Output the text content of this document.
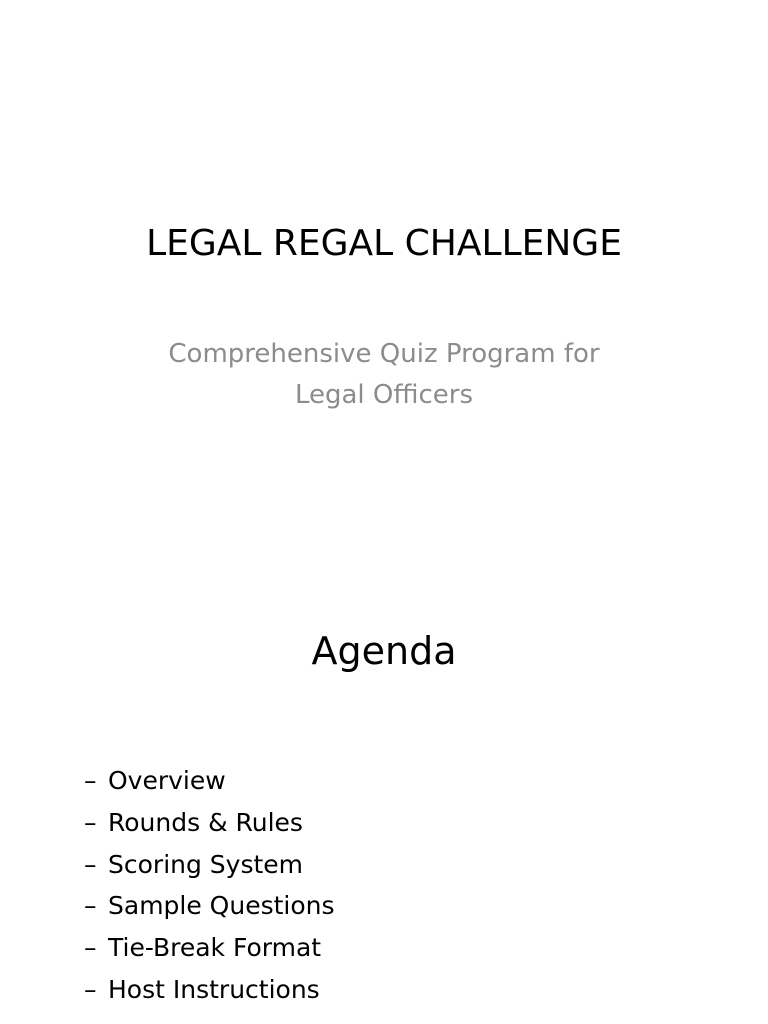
LEGAL REGAL CHALLENGE
Comprehensive Quiz Program for Legal Officers
Agenda
– Overview
– Rounds & Rules
– Scoring System
– Sample Questions
– Tie-Break Format
– Host Instructions
